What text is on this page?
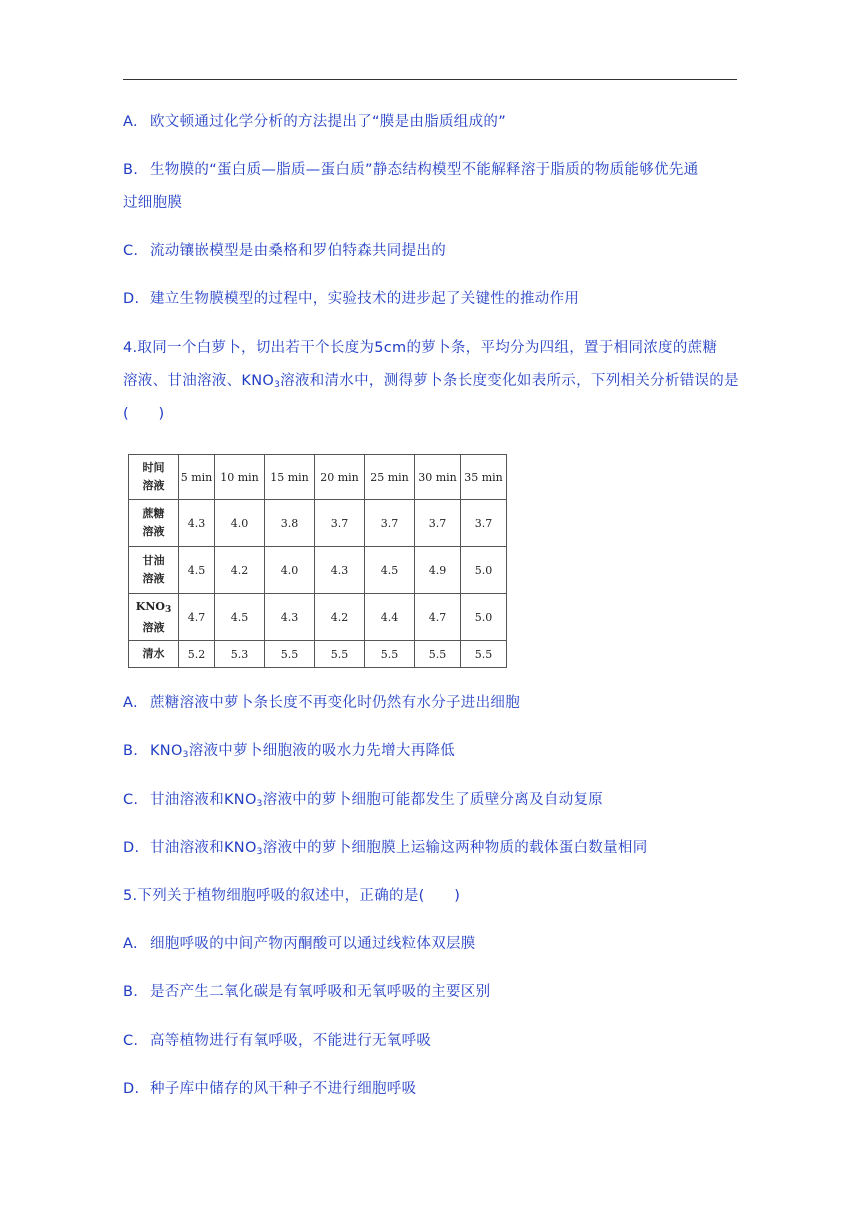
A. 欧文顿通过化学分析的方法提出了“膜是由脂质组成的”
B. 生物膜的“蛋白质—脂质—蛋白质”静态结构模型不能解释溶于脂质的物质能够优先通
过细胞膜
C. 流动镶嵌模型是由桑格和罗伯特森共同提出的
D. 建立生物膜模型的过程中，实验技术的进步起了关键性的推动作用
4.取同一个白萝卜，切出若干个长度为5cm的萝卜条，平均分为四组，置于相同浓度的蔗糖
溶液、甘油溶液、$KNO_3$溶液和清水中，测得萝卜条长度变化如表所示，下列相关分析错误的是
(　　)
时间
溶液	5 min	10 min	15 min	20 min	25 min	30 min	35 min
蔗糖
溶液	4.3	4.0	3.8	3.7	3.7	3.7	3.7
甘油
溶液	4.5	4.2	4.0	4.3	4.5	4.9	5.0
$KNO_3$
溶液	4.7	4.5	4.3	4.2	4.4	4.7	5.0
清水	5.2	5.3	5.5	5.5	5.5	5.5	5.5
A. 蔗糖溶液中萝卜条长度不再变化时仍然有水分子进出细胞
B. $KNO_3$溶液中萝卜细胞液的吸水力先增大再降低
C. 甘油溶液和$KNO_3$溶液中的萝卜细胞可能都发生了质壁分离及自动复原
D. 甘油溶液和$KNO_3$溶液中的萝卜细胞膜上运输这两种物质的载体蛋白数量相同
5.下列关于植物细胞呼吸的叙述中，正确的是(　　)
A. 细胞呼吸的中间产物丙酮酸可以通过线粒体双层膜
B. 是否产生二氧化碳是有氧呼吸和无氧呼吸的主要区别
C. 高等植物进行有氧呼吸，不能进行无氧呼吸
D. 种子库中储存的风干种子不进行细胞呼吸
